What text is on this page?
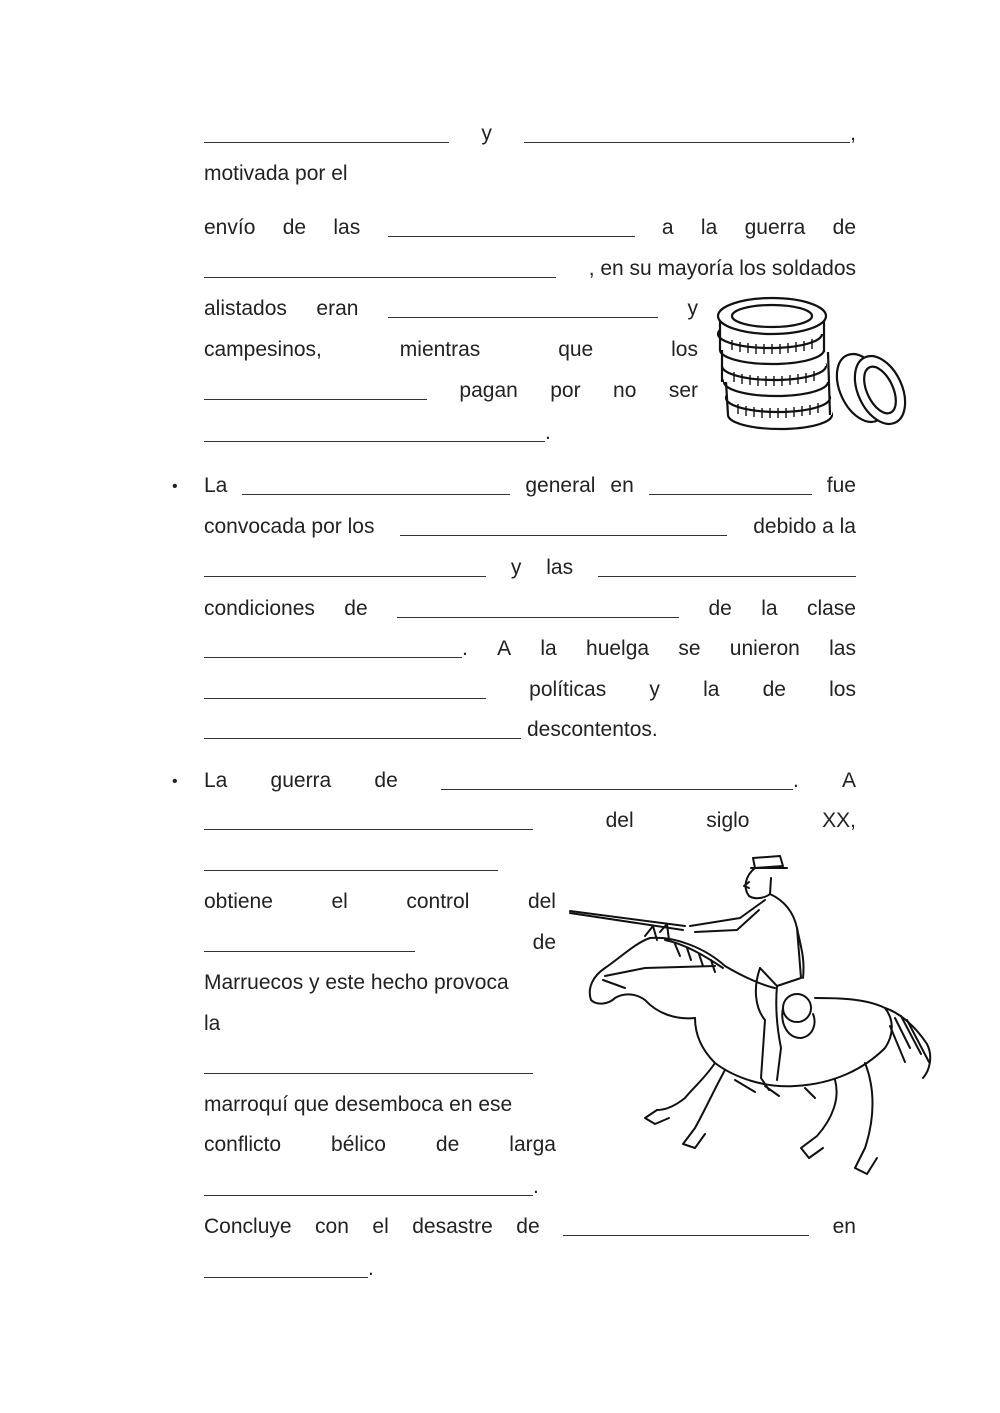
y	,
motivada por el
envío de las	a la guerra de
, en su mayoría los soldados
alistados eran	y
campesinos,	mientras	que	los
pagan por no ser
.
• La	general en	fue
convocada por los	debido a la
y las
condiciones de	de la clase
. A la huelga se unieron las
políticas y la de los
descontentos.
• La guerra de	. A
del	siglo	XX,
obtiene	el	control	del
de
Marruecos y este hecho provoca
la
marroquí que desemboca en ese
conflicto bélico de larga
.
Concluye con el desastre de	en
.
